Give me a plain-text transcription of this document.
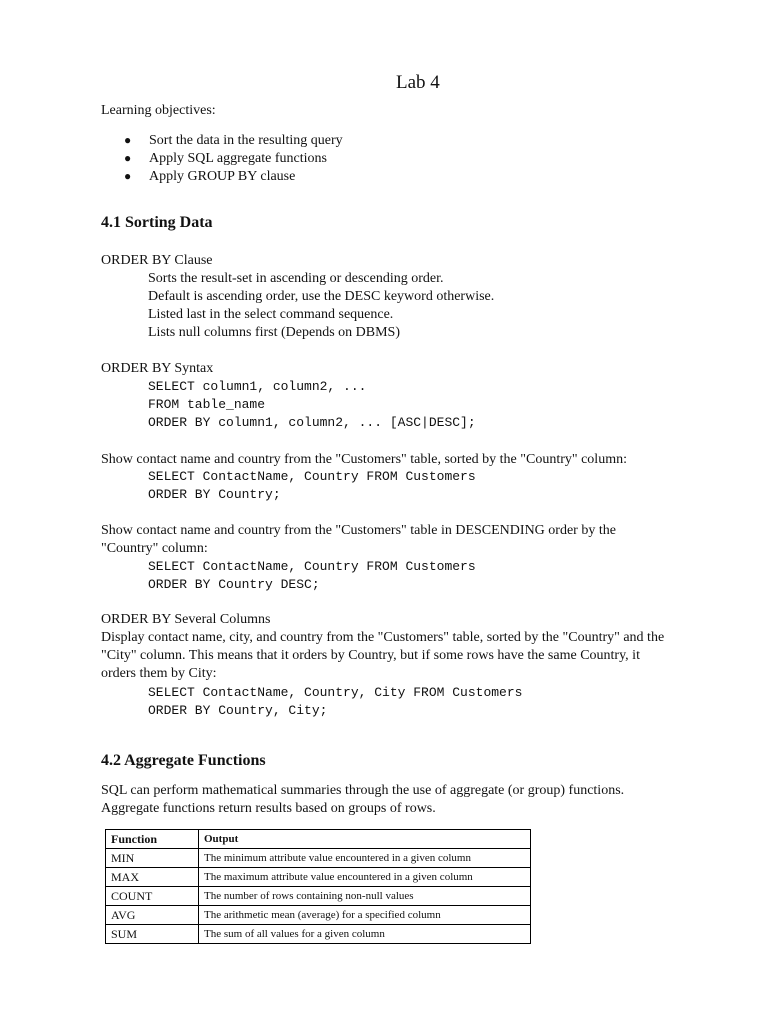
Lab 4
Learning objectives:
● Sort the data in the resulting query
● Apply SQL aggregate functions
● Apply GROUP BY clause
4.1 Sorting Data
ORDER BY Clause
Sorts the result-set in ascending or descending order.
Default is ascending order, use the DESC keyword otherwise.
Listed last in the select command sequence.
Lists null columns first (Depends on DBMS)
ORDER BY Syntax
SELECT column1, column2, ...
FROM table_name
ORDER BY column1, column2, ... [ASC|DESC];
Show contact name and country from the "Customers" table, sorted by the "Country" column:
SELECT ContactName, Country FROM Customers
ORDER BY Country;
Show contact name and country from the "Customers" table in DESCENDING order by the
"Country" column:
SELECT ContactName, Country FROM Customers
ORDER BY Country DESC;
ORDER BY Several Columns
Display contact name, city, and country from the "Customers" table, sorted by the "Country" and the
"City" column. This means that it orders by Country, but if some rows have the same Country, it
orders them by City:
SELECT ContactName, Country, City FROM Customers
ORDER BY Country, City;
4.2 Aggregate Functions
SQL can perform mathematical summaries through the use of aggregate (or group) functions.
Aggregate functions return results based on groups of rows.
Function	Output
MIN	The minimum attribute value encountered in a given column
MAX	The maximum attribute value encountered in a given column
COUNT	The number of rows containing non-null values
AVG	The arithmetic mean (average) for a specified column
SUM	The sum of all values for a given column
